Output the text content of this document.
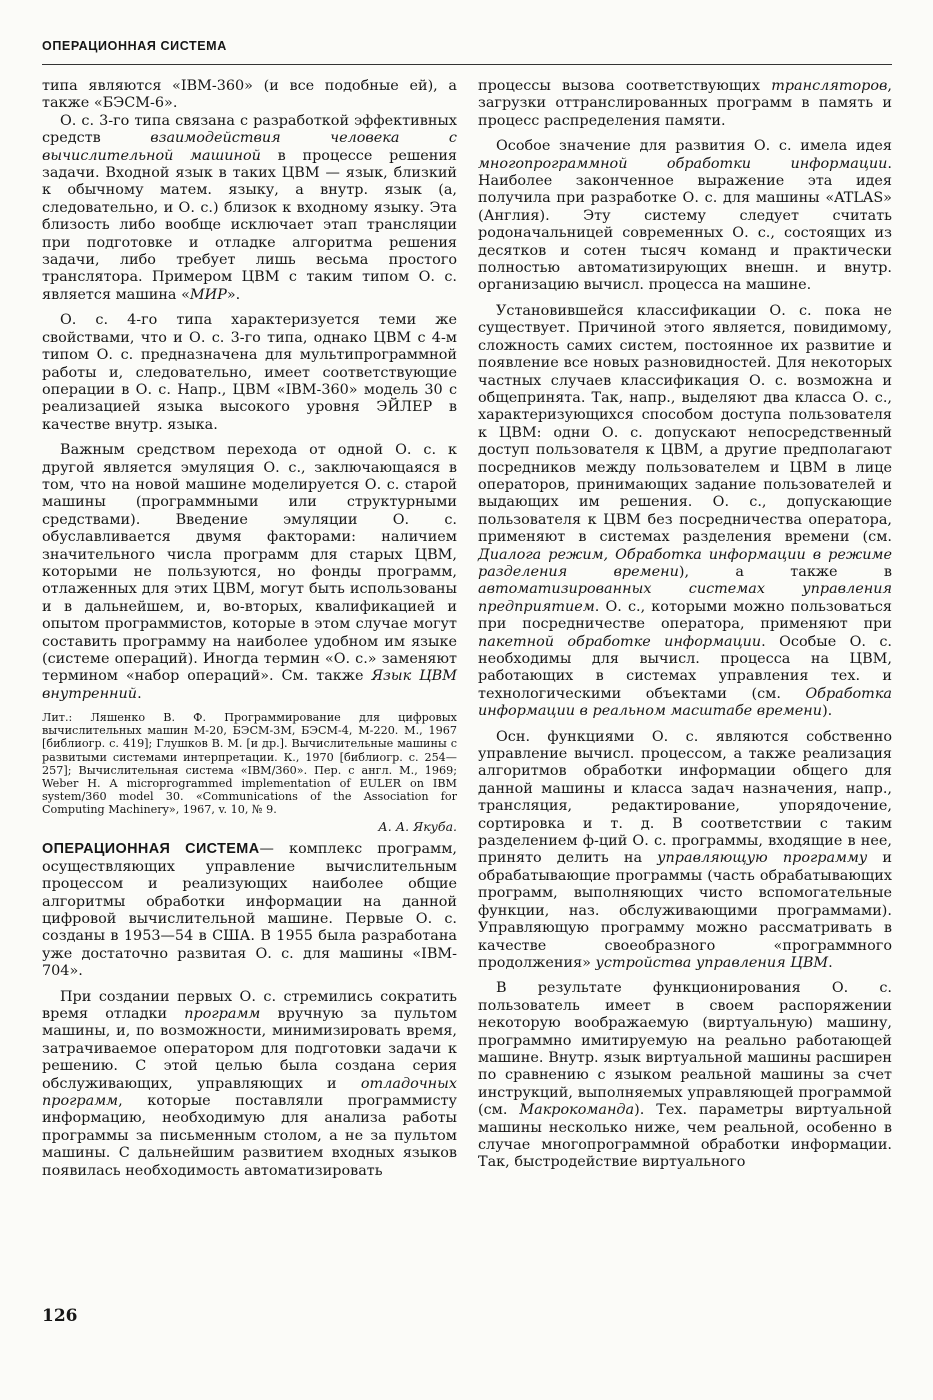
ОПЕРАЦИОННАЯ СИСТЕМА

типа являются «IBM-360» (и все подобные ей), а также «БЭСМ-6».

О. с. 3-го типа связана с разработкой эффективных средств взаимодействия человека с вычислительной машиной в процессе решения задачи. Входной язык в таких ЦВМ — язык, близкий к обычному матем. языку, а внутр. язык (а, следовательно, и О. с.) близок к входному языку. Эта близость либо вообще исключает этап трансляции при подготовке и отладке алгоритма решения задачи, либо требует лишь весьма простого транслятора. Примером ЦВМ с таким типом О. с. является машина «МИР».

О. с. 4-го типа характеризуется теми же свойствами, что и О. с. 3-го типа, однако ЦВМ с 4-м типом О. с. предназначена для мультипрограммной работы и, следовательно, имеет соответствующие операции в О. с. Напр., ЦВМ «IBM-360» модель 30 с реализацией языка высокого уровня ЭЙЛЕР в качестве внутр. языка.

Важным средством перехода от одной О. с. к другой является эмуляция О. с., заключающаяся в том, что на новой машине моделируется О. с. старой машины (программными или структурными средствами). Введение эмуляции О. с. обуславливается двумя факторами: наличием значительного числа программ для старых ЦВМ, которыми не пользуются, но фонды программ, отлаженных для этих ЦВМ, могут быть использованы и в дальнейшем, и, во-вторых, квалификацией и опытом программистов, которые в этом случае могут составить программу на наиболее удобном им языке (системе операций). Иногда термин «О. с.» заменяют термином «набор операций». См. также Язык ЦВМ внутренний.

Лит.: Ляшенко В. Ф. Программирование для цифровых вычислительных машин М-20, БЭСМ-3М, БЭСМ-4, М-220. М., 1967 [библиогр. с. 419]; Глушков В. М. [и др.]. Вычислительные машины с развитыми системами интерпретации. К., 1970 [библиогр. с. 254—257]; Вычислительная система «IBM/360». Пер. с англ. М., 1969; Weber H. A microprogrammed implementation of EULER on IBM system/360 model 30. «Communications of the Association for Computing Machinery», 1967, v. 10, № 9.

А. А. Якуба.

ОПЕРАЦИОННАЯ СИСТЕМА— комплекс программ, осуществляющих управление вычислительным процессом и реализующих наиболее общие алгоритмы обработки информации на данной цифровой вычислительной машине. Первые О. с. созданы в 1953—54 в США. В 1955 была разработана уже достаточно развитая О. с. для машины «IBM-704».

При создании первых О. с. стремились сократить время отладки программ вручную за пультом машины, и, по возможности, минимизировать время, затрачиваемое оператором для подготовки задачи к решению. С этой целью была создана серия обслуживающих, управляющих и отладочных программ, которые поставляли программисту информацию, необходимую для анализа работы программы за письменным столом, а не за пультом машины. С дальнейшим развитием входных языков появилась необходимость автоматизировать

процессы вызова соответствующих трансляторов, загрузки оттранслированных программ в память и процесс распределения памяти.

Особое значение для развития О. с. имела идея многопрограммной обработки информации. Наиболее законченное выражение эта идея получила при разработке О. с. для машины «ATLAS» (Англия). Эту систему следует считать родоначальницей современных О. с., состоящих из десятков и сотен тысяч команд и практически полностью автоматизирующих внешн. и внутр. организацию вычисл. процесса на машине.

Установившейся классификации О. с. пока не существует. Причиной этого является, повидимому, сложность самих систем, постоянное их развитие и появление все новых разновидностей. Для некоторых частных случаев классификация О. с. возможна и общепринята. Так, напр., выделяют два класса О. с., характеризующихся способом доступа пользователя к ЦВМ: одни О. с. допускают непосредственный доступ пользователя к ЦВМ, а другие предполагают посредников между пользователем и ЦВМ в лице операторов, принимающих задание пользователей и выдающих им решения. О. с., допускающие пользователя к ЦВМ без посредничества оператора, применяют в системах разделения времени (см. Диалога режим, Обработка информации в режиме разделения времени), а также в автоматизированных системах управления предприятием. О. с., которыми можно пользоваться при посредничестве оператора, применяют при пакетной обработке информации. Особые О. с. необходимы для вычисл. процесса на ЦВМ, работающих в системах управления тех. и технологическими объектами (см. Обработка информации в реальном масштабе времени).

Осн. функциями О. с. являются собственно управление вычисл. процессом, а также реализация алгоритмов обработки информации общего для данной машины и класса задач назначения, напр., трансляция, редактирование, упорядочение, сортировка и т. д. В соответствии с таким разделением ф-ций О. с. программы, входящие в нее, принято делить на управляющую программу и обрабатывающие программы (часть обрабатывающих программ, выполняющих чисто вспомогательные функции, наз. обслуживающими программами). Управляющую программу можно рассматривать в качестве своеобразного «программного продолжения» устройства управления ЦВМ.

В результате функционирования О. с. пользователь имеет в своем распоряжении некоторую воображаемую (виртуальную) машину, программно имитируемую на реально работающей машине. Внутр. язык виртуальной машины расширен по сравнению с языком реальной машины за счет инструкций, выполняемых управляющей программой (см. Макрокоманда). Тех. параметры виртуальной машины несколько ниже, чем реальной, особенно в случае многопрограммной обработки информации. Так, быстродействие виртуального

126
